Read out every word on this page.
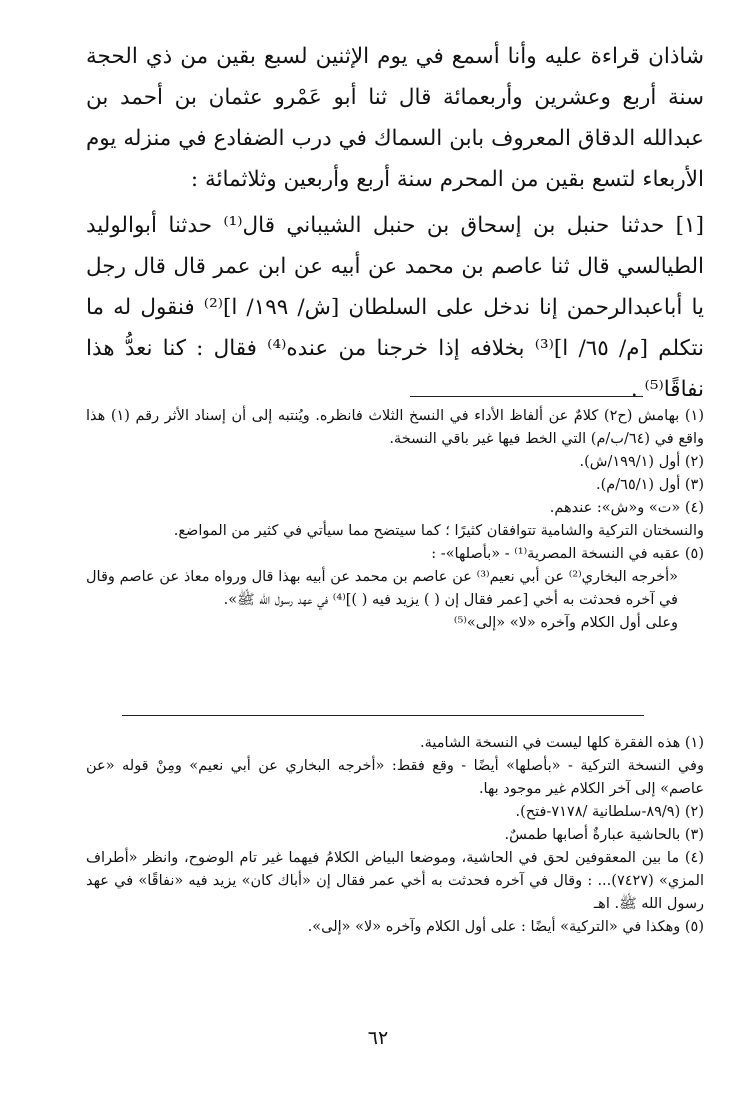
شاذان قراءة عليه وأنا أسمع في يوم الإثنين لسبع بقين من ذي الحجة سنة أربع وعشرين وأربعمائة قال ثنا أبو عَمْرو عثمان بن أحمد بن عبدالله الدقاق المعروف بابن السماك في درب الضفادع في منزله يوم الأربعاء لتسع بقين من المحرم سنة أربع وأربعين وثلاثمائة :

[١] حدثنا حنبل بن إسحاق بن حنبل الشيباني قال⁽¹⁾ حدثنا أبوالوليد الطيالسي قال ثنا عاصم بن محمد عن أبيه عن ابن عمر قال قال رجل يا أباعبدالرحمن إنا ندخل على السلطان [ش/ ١٩٩/ ا]⁽²⁾ فنقول له ما نتكلم [م/ ٦٥/ ا]⁽³⁾ بخلافه إذا خرجنا من عنده⁽⁴⁾ فقال : كنا نعدُّ هذا نفاقًا⁽⁵⁾ .

(١) بهامش (ح٢) كلامٌ عن ألفاظ الأداء في النسخ الثلاث فانظره. ويُنتبه إلى أن إسناد الأثر رقم (١) هذا واقع في (٦٤/ب/م) التي الخط فيها غير باقي النسخة.

(٢) أول (١٩٩/١/ش).

(٣) أول (٦٥/١/م).

(٤) «ت» و«ش»: عندهم.

والنسختان التركية والشامية تتوافقان كثيرًا ؛ كما سيتضح مما سيأتي في كثير من المواضع.

(٥) عقبه في النسخة المصرية⁽¹⁾ - «بأصلها»- :

«أخرجه البخاري⁽²⁾ عن أبي نعيم⁽³⁾ عن عاصم بن محمد عن أبيه بهذا قال ورواه معاذ عن عاصم وقال في آخره فحدثت به أخي [عمر فقال إن ( ) يزيد فيه ( )]⁽⁴⁾ في عهد رسول الله ﷺ».

وعلى أول الكلام وآخره «لا» «إلى»⁽⁵⁾

(١) هذه الفقرة كلها ليست في النسخة الشامية.

وفي النسخة التركية - «بأصلها» أيضًا - وقع فقط: «أخرجه البخاري عن أبي نعيم» ومِنْ قوله «عن عاصم» إلى آخر الكلام غير موجود بها.

(٢) (٨٩/٩-سلطانية /٧١٧٨-فتح).

(٣) بالحاشية عبارةٌ أصابها طمسٌ.

(٤) ما بين المعقوفين لحق في الحاشية، وموضعا البياض الكلامُ فيهما غير تام الوضوح، وانظر «أطراف المزي» (٧٤٢٧)... : وقال في آخره فحدثت به أخي عمر فقال إن «أباك كان» يزيد فيه «نفاقًا» في عهد رسول الله ﷺ. اهـ

(٥) وهكذا في «التركية» أيضًا : على أول الكلام وآخره «لا» «إلى».

٦٢
